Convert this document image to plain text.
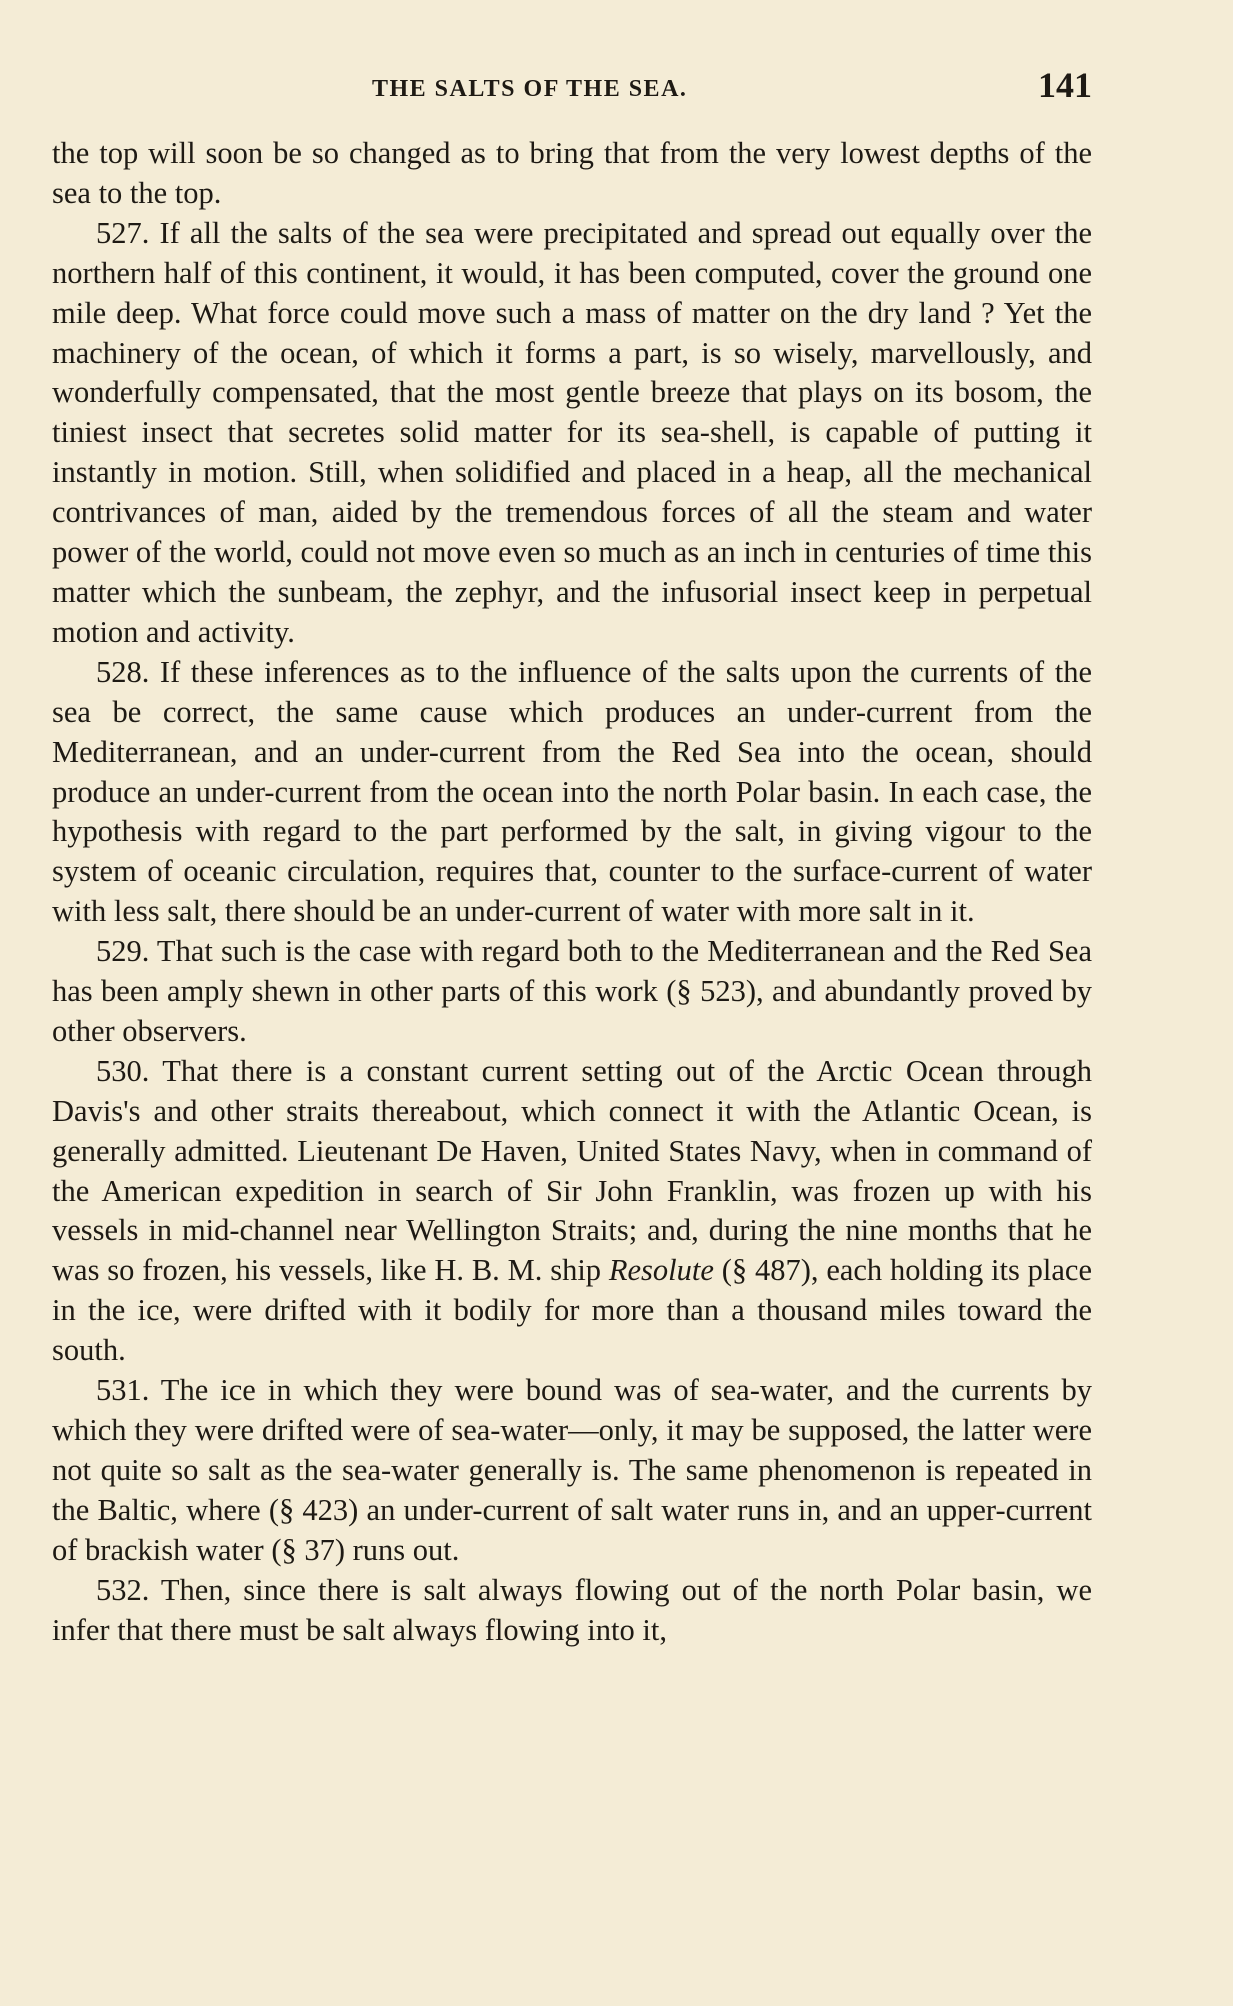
THE SALTS OF THE SEA.	141

the top will soon be so changed as to bring that from the very lowest depths of the sea to the top.

527. If all the salts of the sea were precipitated and spread out equally over the northern half of this continent, it would, it has been computed, cover the ground one mile deep. What force could move such a mass of matter on the dry land ? Yet the machinery of the ocean, of which it forms a part, is so wisely, marvellously, and wonderfully compensated, that the most gentle breeze that plays on its bosom, the tiniest insect that secretes solid matter for its sea-shell, is capable of putting it instantly in motion. Still, when solidified and placed in a heap, all the mechanical contrivances of man, aided by the tremendous forces of all the steam and water power of the world, could not move even so much as an inch in centuries of time this matter which the sunbeam, the zephyr, and the infusorial insect keep in perpetual motion and activity.

528. If these inferences as to the influence of the salts upon the currents of the sea be correct, the same cause which produces an under-current from the Mediterranean, and an under-current from the Red Sea into the ocean, should produce an under-current from the ocean into the north Polar basin. In each case, the hypothesis with regard to the part performed by the salt, in giving vigour to the system of oceanic circulation, requires that, counter to the surface-current of water with less salt, there should be an under-current of water with more salt in it.

529. That such is the case with regard both to the Mediterranean and the Red Sea has been amply shewn in other parts of this work (§ 523), and abundantly proved by other observers.

530. That there is a constant current setting out of the Arctic Ocean through Davis's and other straits thereabout, which connect it with the Atlantic Ocean, is generally admitted. Lieutenant De Haven, United States Navy, when in command of the American expedition in search of Sir John Franklin, was frozen up with his vessels in mid-channel near Wellington Straits; and, during the nine months that he was so frozen, his vessels, like H. B. M. ship Resolute (§ 487), each holding its place in the ice, were drifted with it bodily for more than a thousand miles toward the south.

531. The ice in which they were bound was of sea-water, and the currents by which they were drifted were of sea-water—only, it may be supposed, the latter were not quite so salt as the sea-water generally is. The same phenomenon is repeated in the Baltic, where (§ 423) an under-current of salt water runs in, and an upper-current of brackish water (§ 37) runs out.

532. Then, since there is salt always flowing out of the north Polar basin, we infer that there must be salt always flowing into it,
